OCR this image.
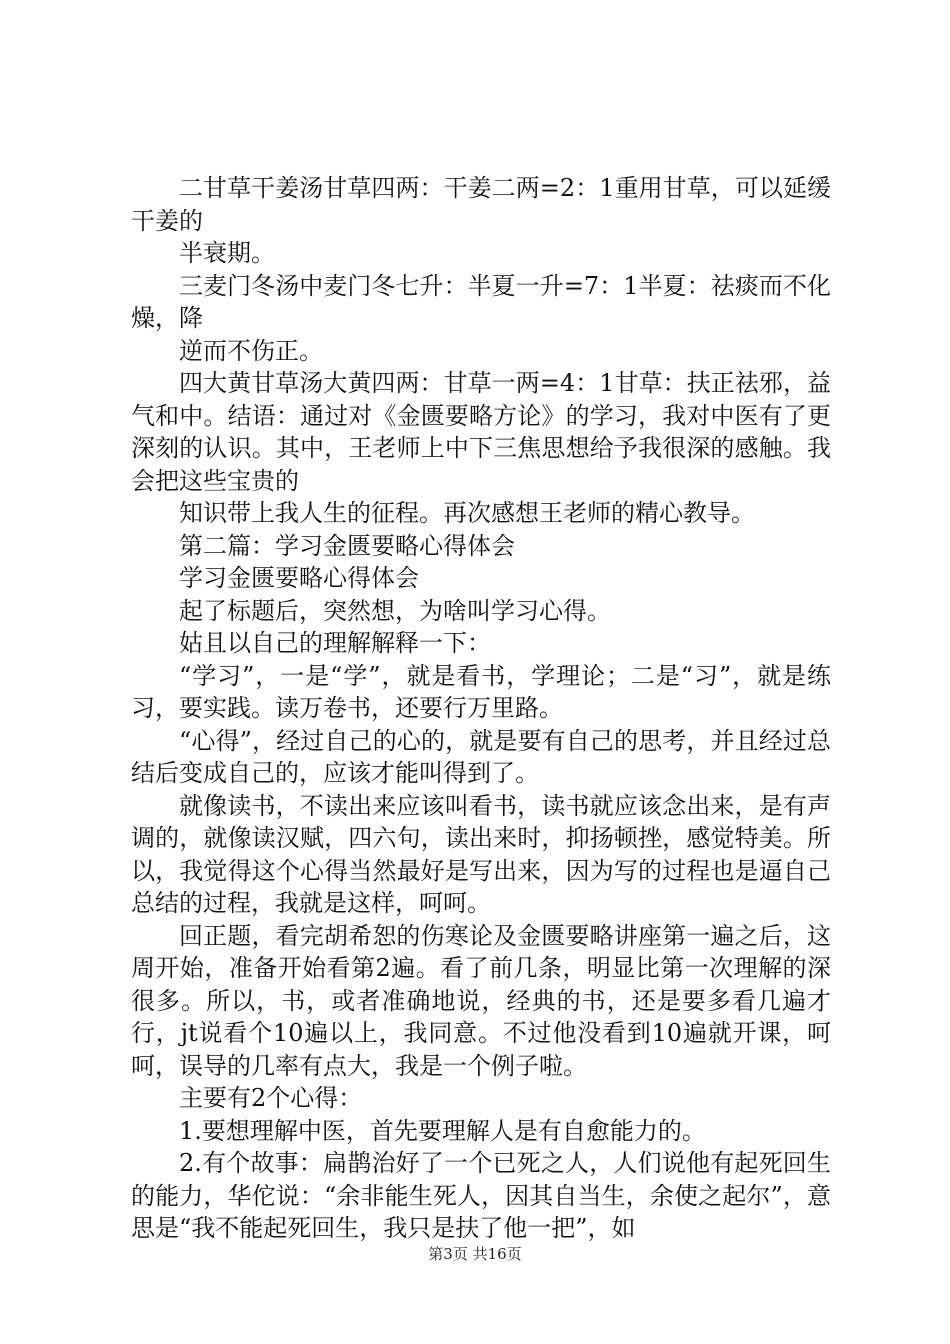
二甘草干姜汤甘草四两：干姜二两=2：1重用甘草，可以延缓干姜的

半衰期。

三麦门冬汤中麦门冬七升：半夏一升=7：1半夏：祛痰而不化燥，降

逆而不伤正。

四大黄甘草汤大黄四两：甘草一两=4：1甘草：扶正祛邪，益气和中。结语：通过对《金匮要略方论》的学习，我对中医有了更深刻的认识。其中，王老师上中下三焦思想给予我很深的感触。我会把这些宝贵的

知识带上我人生的征程。再次感想王老师的精心教导。

第二篇：学习金匮要略心得体会

学习金匮要略心得体会

起了标题后，突然想，为啥叫学习心得。

姑且以自己的理解解释一下：

“学习”，一是“学”，就是看书，学理论；二是“习”，就是练习，要实践。读万卷书，还要行万里路。

“心得”，经过自己的心的，就是要有自己的思考，并且经过总结后变成自己的，应该才能叫得到了。

就像读书，不读出来应该叫看书，读书就应该念出来，是有声调的，就像读汉赋，四六句，读出来时，抑扬顿挫，感觉特美。所以，我觉得这个心得当然最好是写出来，因为写的过程也是逼自己总结的过程，我就是这样，呵呵。

回正题，看完胡希恕的伤寒论及金匮要略讲座第一遍之后，这周开始，准备开始看第2遍。看了前几条，明显比第一次理解的深很多。所以，书，或者准确地说，经典的书，还是要多看几遍才行，jt说看个10遍以上，我同意。不过他没看到10遍就开课，呵呵，误导的几率有点大，我是一个例子啦。

主要有2个心得：

1.要想理解中医，首先要理解人是有自愈能力的。

2.有个故事：扁鹊治好了一个已死之人，人们说他有起死回生的能力，华佗说：“余非能生死人，因其自当生，余使之起尔”，意思是“我不能起死回生，我只是扶了他一把”，如

第3页 共16页
